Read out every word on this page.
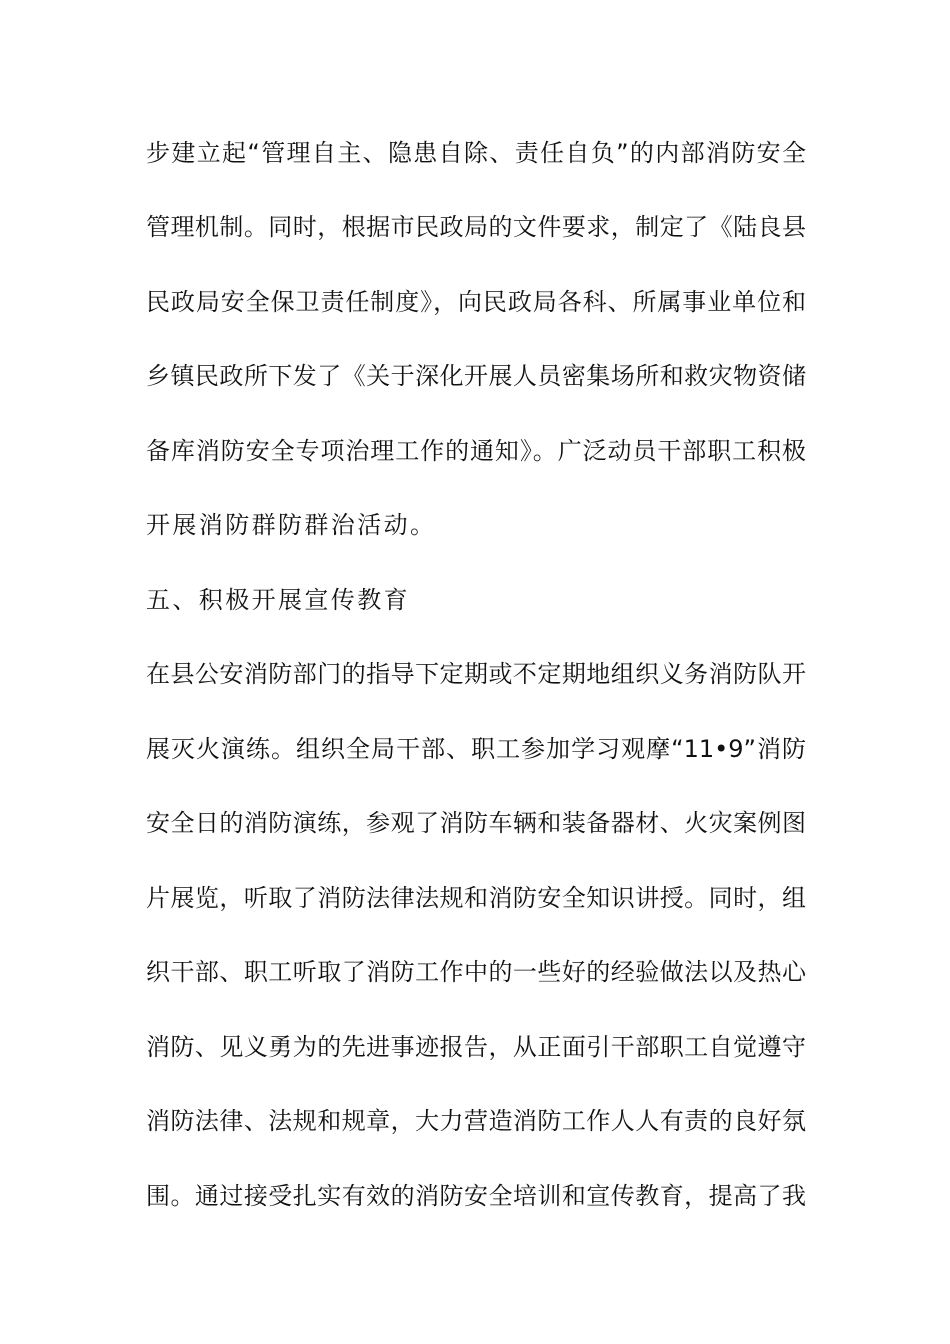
步建立起“管理自主、隐患自除、责任自负”的内部消防安全
管理机制。同时，根据市民政局的文件要求，制定了《陆良县
民政局安全保卫责任制度》，向民政局各科、所属事业单位和
乡镇民政所下发了《关于深化开展人员密集场所和救灾物资储
备库消防安全专项治理工作的通知》。广泛动员干部职工积极
开展消防群防群治活动。
五、积极开展宣传教育
在县公安消防部门的指导下定期或不定期地组织义务消防队开
展灭火演练。组织全局干部、职工参加学习观摩“11•9”消防
安全日的消防演练，参观了消防车辆和装备器材、火灾案例图
片展览，听取了消防法律法规和消防安全知识讲授。同时，组
织干部、职工听取了消防工作中的一些好的经验做法以及热心
消防、见义勇为的先进事迹报告，从正面引干部职工自觉遵守
消防法律、法规和规章，大力营造消防工作人人有责的良好氛
围。通过接受扎实有效的消防安全培训和宣传教育，提高了我
